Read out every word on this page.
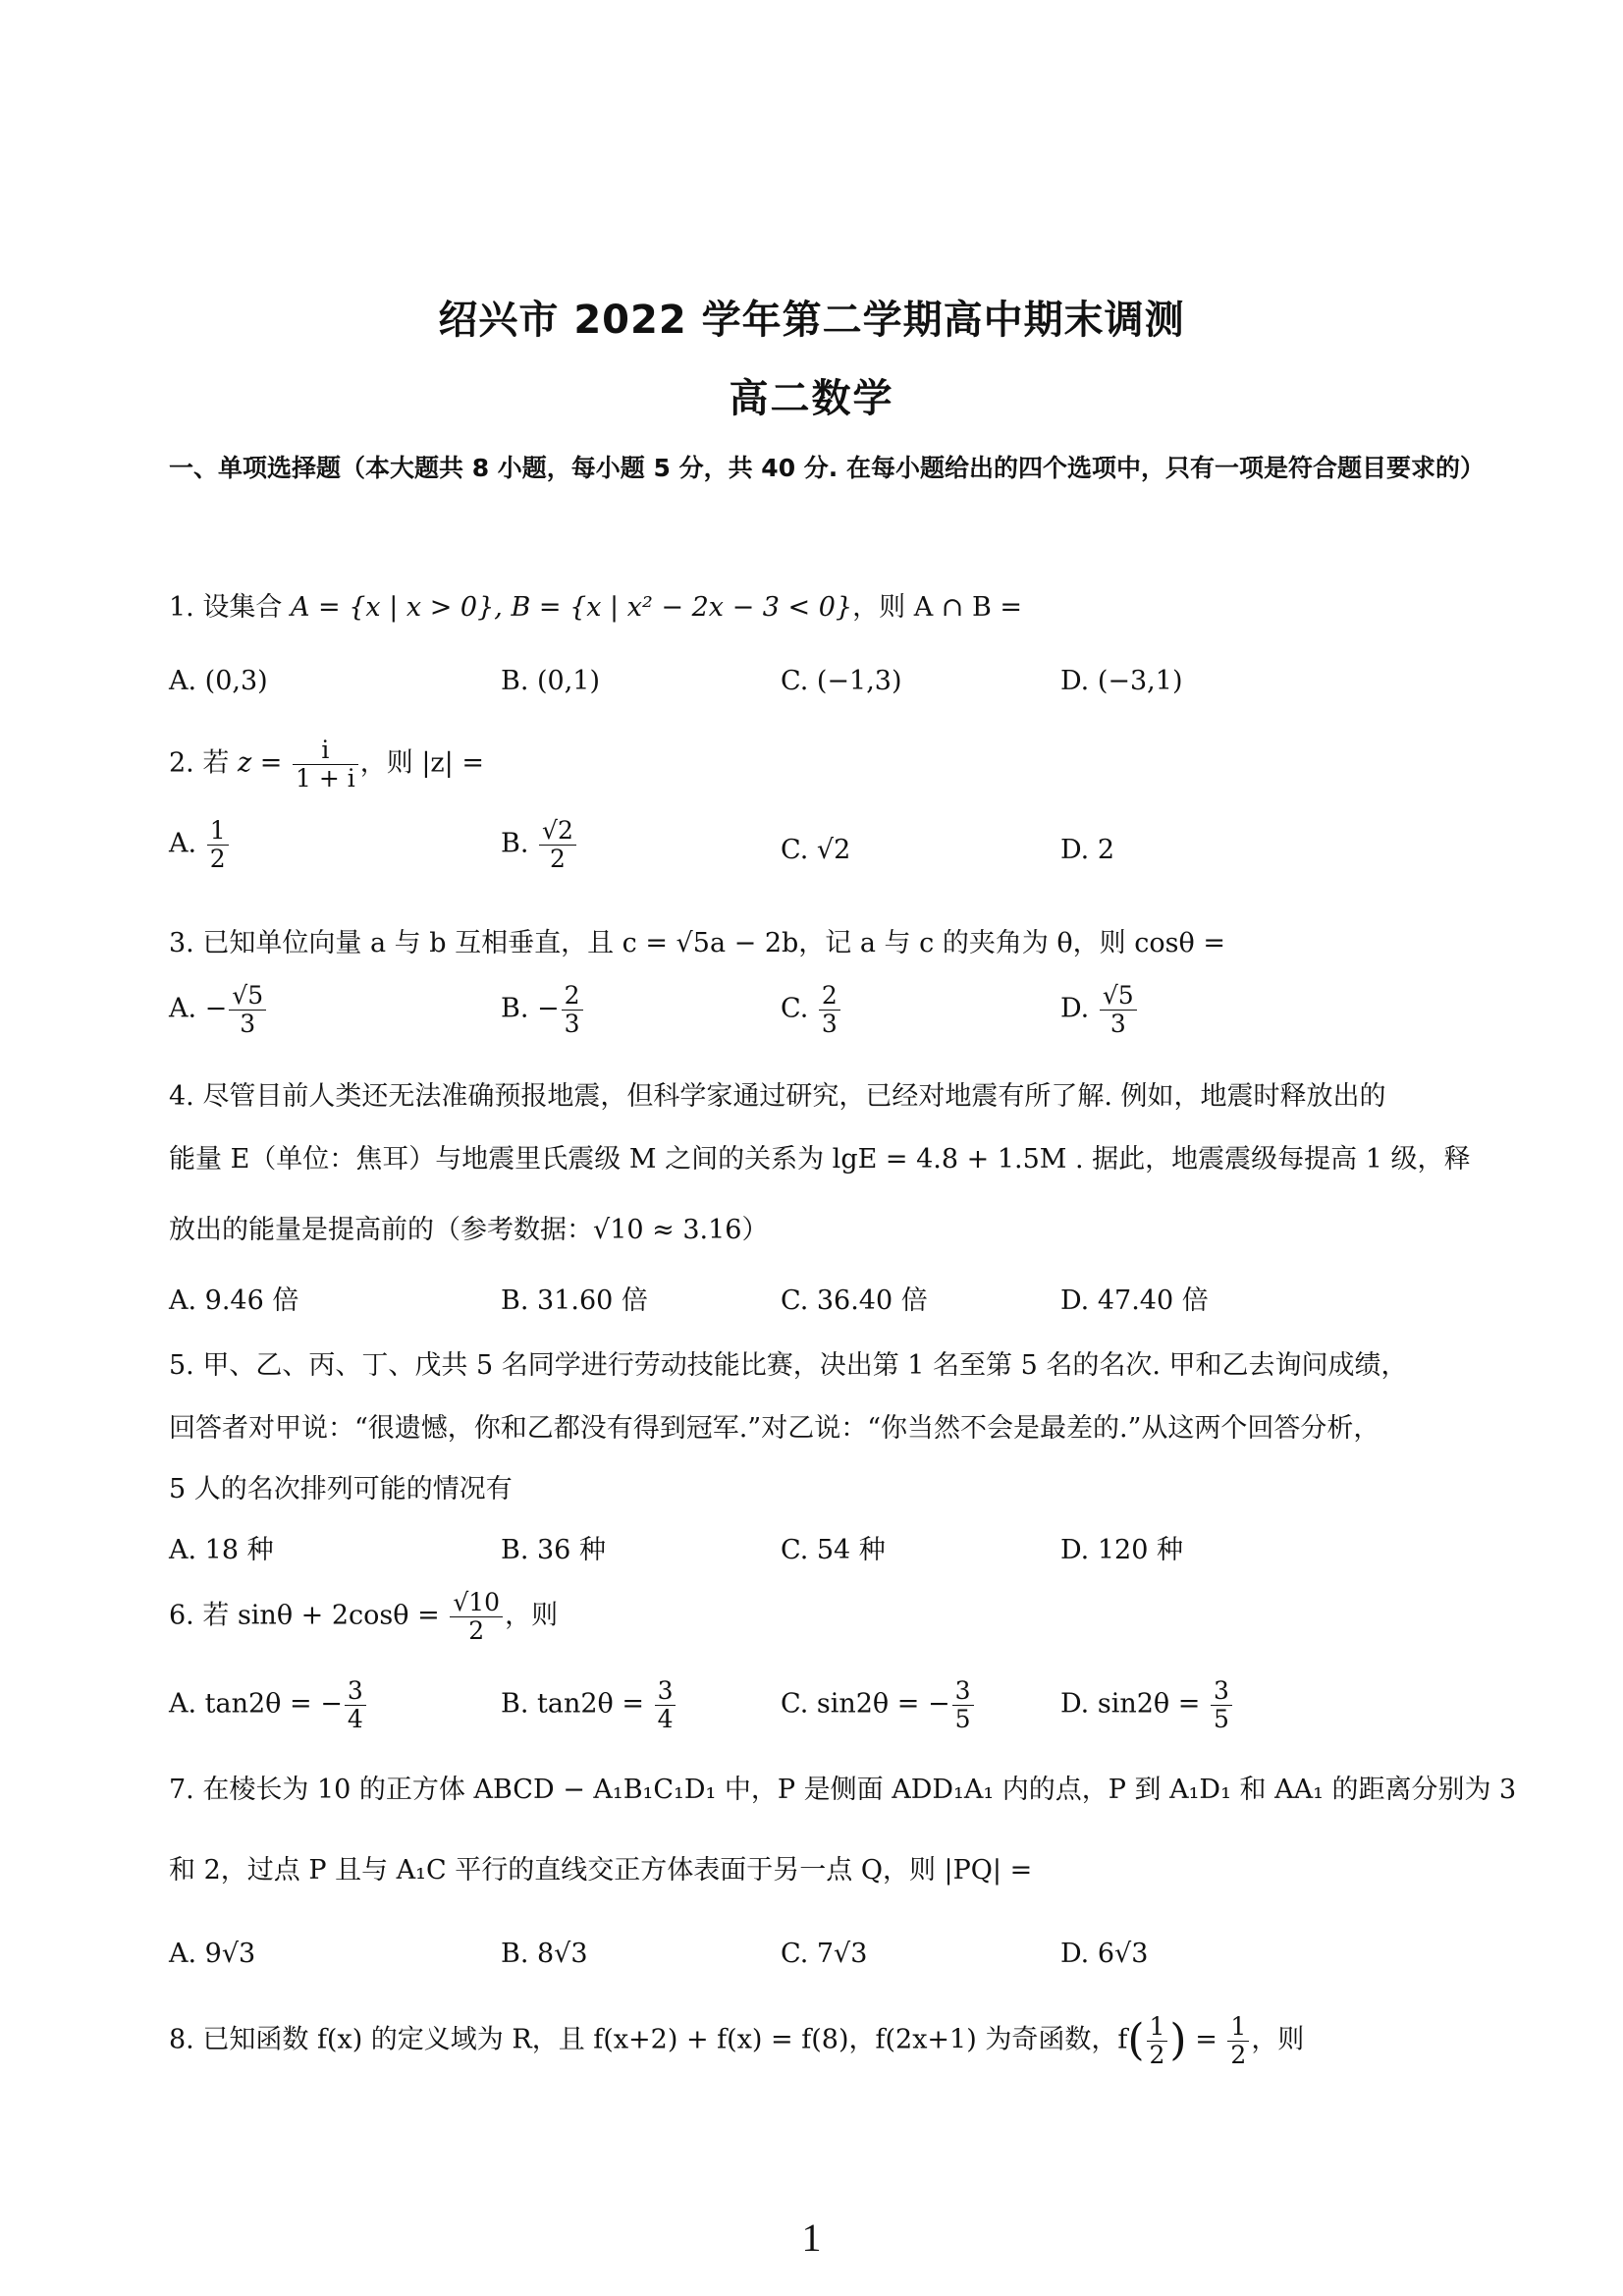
绍兴市 2022 学年第二学期高中期末调测
高二数学
一、单项选择题（本大题共 8 小题，每小题 5 分，共 40 分. 在每小题给出的四个选项中，只有一项是符合题目要求的）
1. 设集合 A = {x | x > 0}, B = {x | x² − 2x − 3 < 0}，则 A ∩ B =
A. (0,3)	B. (0,1)	C. (−1,3)	D. (−3,1)
2. 若 $z = \frac{i}{1 + i}$ ，则 |z| =
A. $\frac{1}{2}$	B. $\frac{√2}{2}$	C. √2	D. 2
3. 已知单位向量 a 与 b 互相垂直，且 c = √5a − 2b，记 a 与 c 的夹角为 θ，则 cosθ =
A. − $\frac{√5}{3}$	B. − $\frac{2}{3}$	C. $\frac{2}{3}$	D. $\frac{√5}{3}$
4. 尽管目前人类还无法准确预报地震，但科学家通过研究，已经对地震有所了解. 例如，地震时释放出的
能量 E（单位：焦耳）与地震里氏震级 M 之间的关系为 lgE = 4.8 + 1.5M . 据此，地震震级每提高 1 级，释
放出的能量是提高前的（参考数据：√10 ≈ 3.16）
A. 9.46 倍	B. 31.60 倍	C. 36.40 倍	D. 47.40 倍
5. 甲、乙、丙、丁、戊共 5 名同学进行劳动技能比赛，决出第 1 名至第 5 名的名次. 甲和乙去询问成绩，
回答者对甲说：“很遗憾，你和乙都没有得到冠军.”对乙说：“你当然不会是最差的.”从这两个回答分析，
5 人的名次排列可能的情况有
A. 18 种	B. 36 种	C. 54 种	D. 120 种
6. 若 $\sin\theta + 2\cos\theta = \frac{√10}{2}$ ，则
A. tan2θ = − $\frac{3}{4}$	B. $\tan 2\theta = \frac{3}{4}$	C. sin2θ = − $\frac{3}{5}$	D. $\sin 2\theta = \frac{3}{5}$
7. 在棱长为 10 的正方体 ABCD − A₁B₁C₁D₁ 中，P 是侧面 ADD₁A₁ 内的点，P 到 A₁D₁ 和 AA₁ 的距离分别为 3
和 2，过点 P 且与 A₁C 平行的直线交正方体表面于另一点 Q，则 |PQ| =
A. 9√3	B. 8√3	C. 7√3	D. 6√3
8. 已知函数 f(x) 的定义域为 R，且 f(x+2) + f(x) = f(8)，f(2x+1) 为奇函数，$f( \frac{1}{2}$ ) = $\frac{1}{2}$ ，则
1
